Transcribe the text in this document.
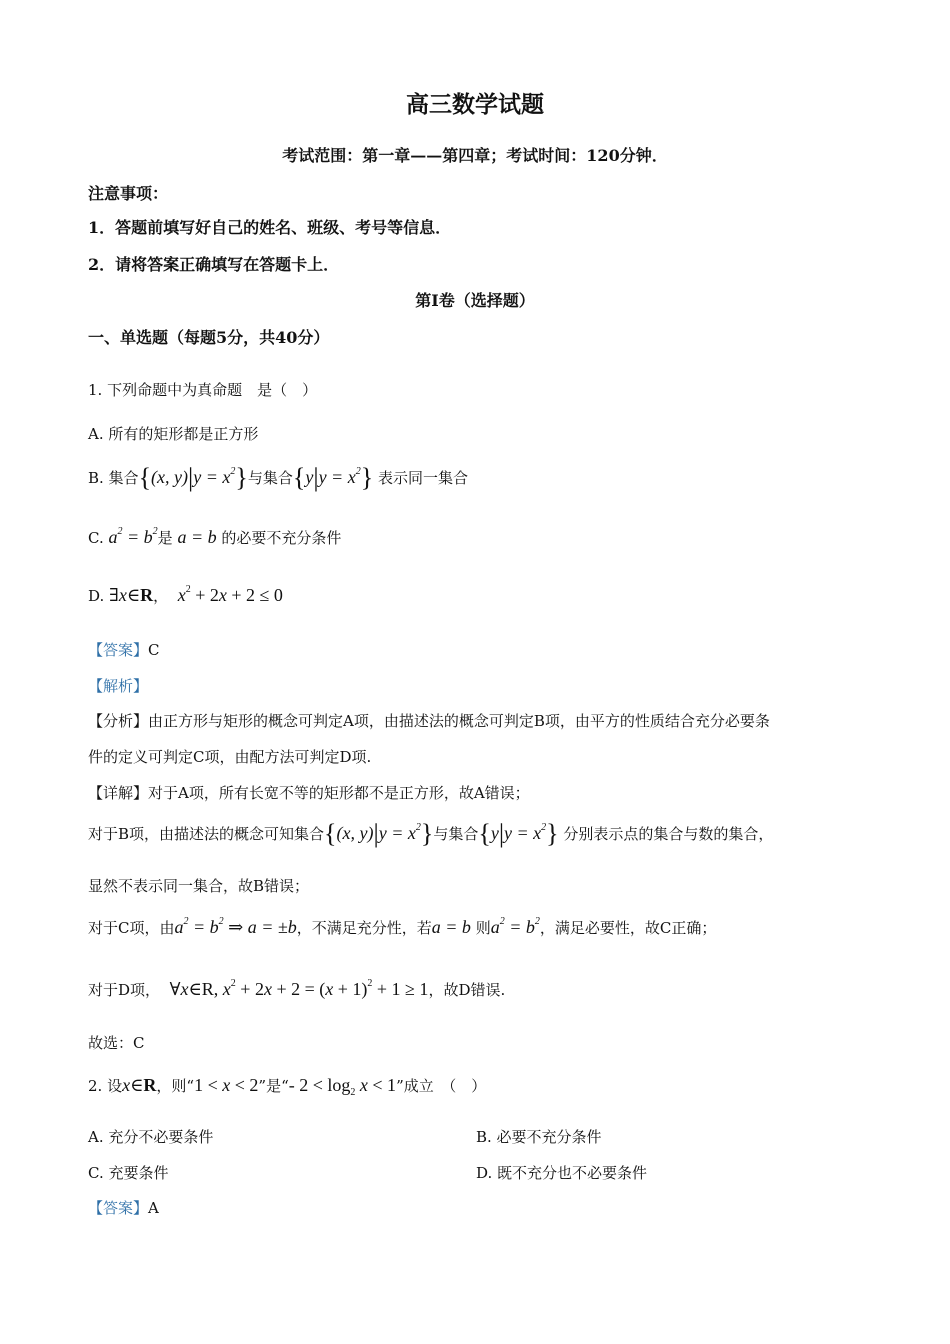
高三数学试题
考试范围：第一章——第四章；考试时间：120分钟．
注意事项：
1．答题前填写好自己的姓名、班级、考号等信息．
2．请将答案正确填写在答题卡上．
第Ⅰ卷（选择题）
一、单选题（每题5分，共40分）
1. 下列命题中为真命题　是（　）
A. 所有的矩形都是正方形
B. 集合{(x, $y)|y = x^2$}与集合$\{y|y = x^2\}$ 表示同一集合
C. $a^2 = b^2$是 a = b 的必要不充分条件
D. ∃x∈R，  $x^2 + 2x + 2 \le 0$
【答案】C
【解析】
【分析】由正方形与矩形的概念可判定A项，由描述法的概念可判定B项，由平方的性质结合充分必要条
件的定义可判定C项，由配方法可判定D项.
【详解】对于A项，所有长宽不等的矩形都不是正方形，故A错误；
对于B项，由描述法的概念可知集合{(x, $y)|y = x^2$}与集合$\{y|y = x^2\}$ 分别表示点的集合与数的集合，
显然不表示同一集合，故B错误；
对于C项，由$a^2 = b^2$ ⇒ a = ±b，不满足充分性，若a = b 则$a^2 = b^2$，满足必要性，故C正确；
对于D项， ∀x∈R, $x^2 + 2x + 2 = (x + 1)^2 + 1 \ge 1$，故D错误.
故选：C
2. 设x∈R，则“1 < x < 2”是“- $2 < \log_2 x < 1$”成立　（　）
A. 充分不必要条件	B. 必要不充分条件
C. 充要条件	D. 既不充分也不必要条件
【答案】A
